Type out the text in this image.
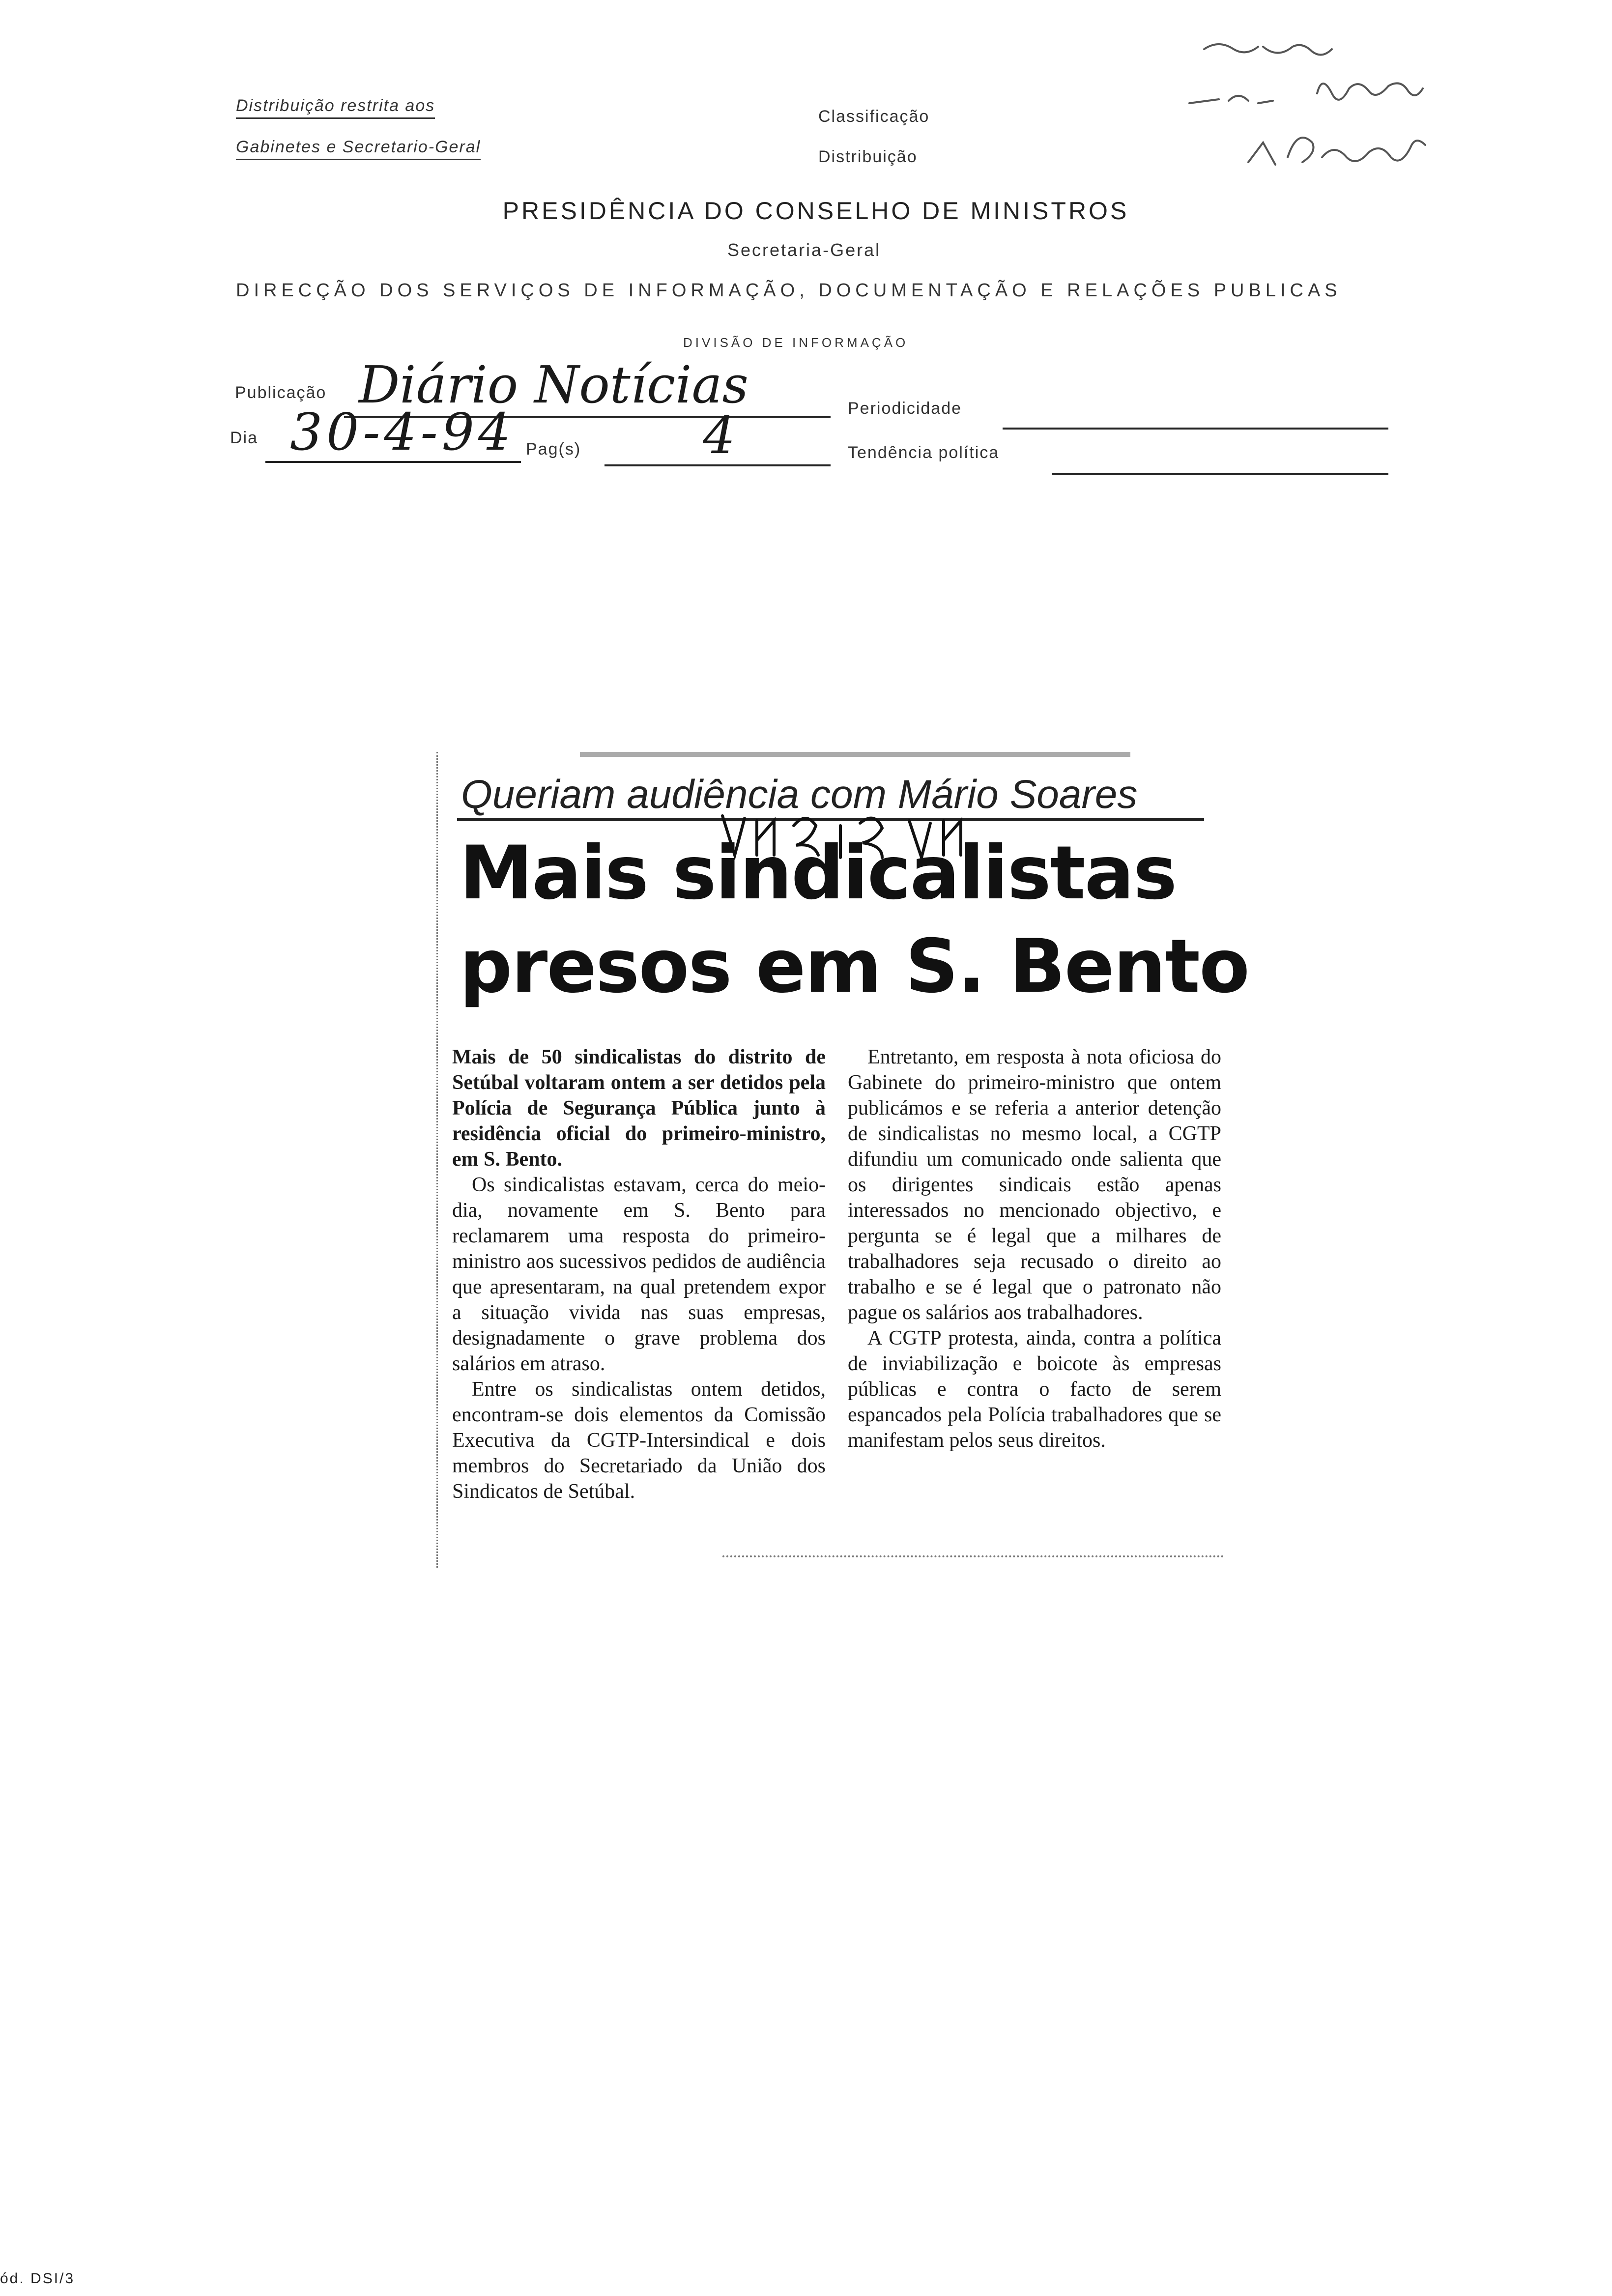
Distribuição restrita aos
Gabinetes e Secretario-Geral
Classificação
Distribuição
PRESIDÊNCIA DO CONSELHO DE MINISTROS
Secretaria-Geral
DIRECÇÃO DOS SERVIÇOS DE INFORMAÇÃO, DOCUMENTAÇÃO E RELAÇÕES PUBLICAS
DIVISÃO DE INFORMAÇÃO
Publicação Diário Notícias	Periodicidade
Dia 30-4-94 Pag(s) 4	Tendência política
Queriam audiência com Mário Soares
Mais sindicalistas
presos em S. Bento

Mais de 50 sindicalistas do distrito de Setúbal voltaram ontem a ser detidos pela Polícia de Segurança Pública junto à residência oficial do primeiro-ministro, em S. Bento.

Os sindicalistas estavam, cerca do meio-dia, novamente em S. Bento para reclamarem uma resposta do primeiro-ministro aos sucessivos pedidos de audiência que apresentaram, na qual pretendem expor a situação vivida nas suas empresas, designadamente o grave problema dos salários em atraso.

Entre os sindicalistas ontem detidos, encontram-se dois elementos da Comissão Executiva da CGTP-Intersindical e dois membros do Secretariado da União dos Sindicatos de Setúbal.

Entretanto, em resposta à nota oficiosa do Gabinete do primeiro-ministro que ontem publicámos e se referia a anterior detenção de sindicalistas no mesmo local, a CGTP difundiu um comunicado onde salienta que os dirigentes sindicais estão apenas interessados no mencionado objectivo, e pergunta se é legal que a milhares de trabalhadores seja recusado o direito ao trabalho e se é legal que o patronato não pague os salários aos trabalhadores.

A CGTP protesta, ainda, contra a política de inviabilização e boicote às empresas públicas e contra o facto de serem espancados pela Polícia trabalhadores que se manifestam pelos seus direitos.

ód. DSI/3
